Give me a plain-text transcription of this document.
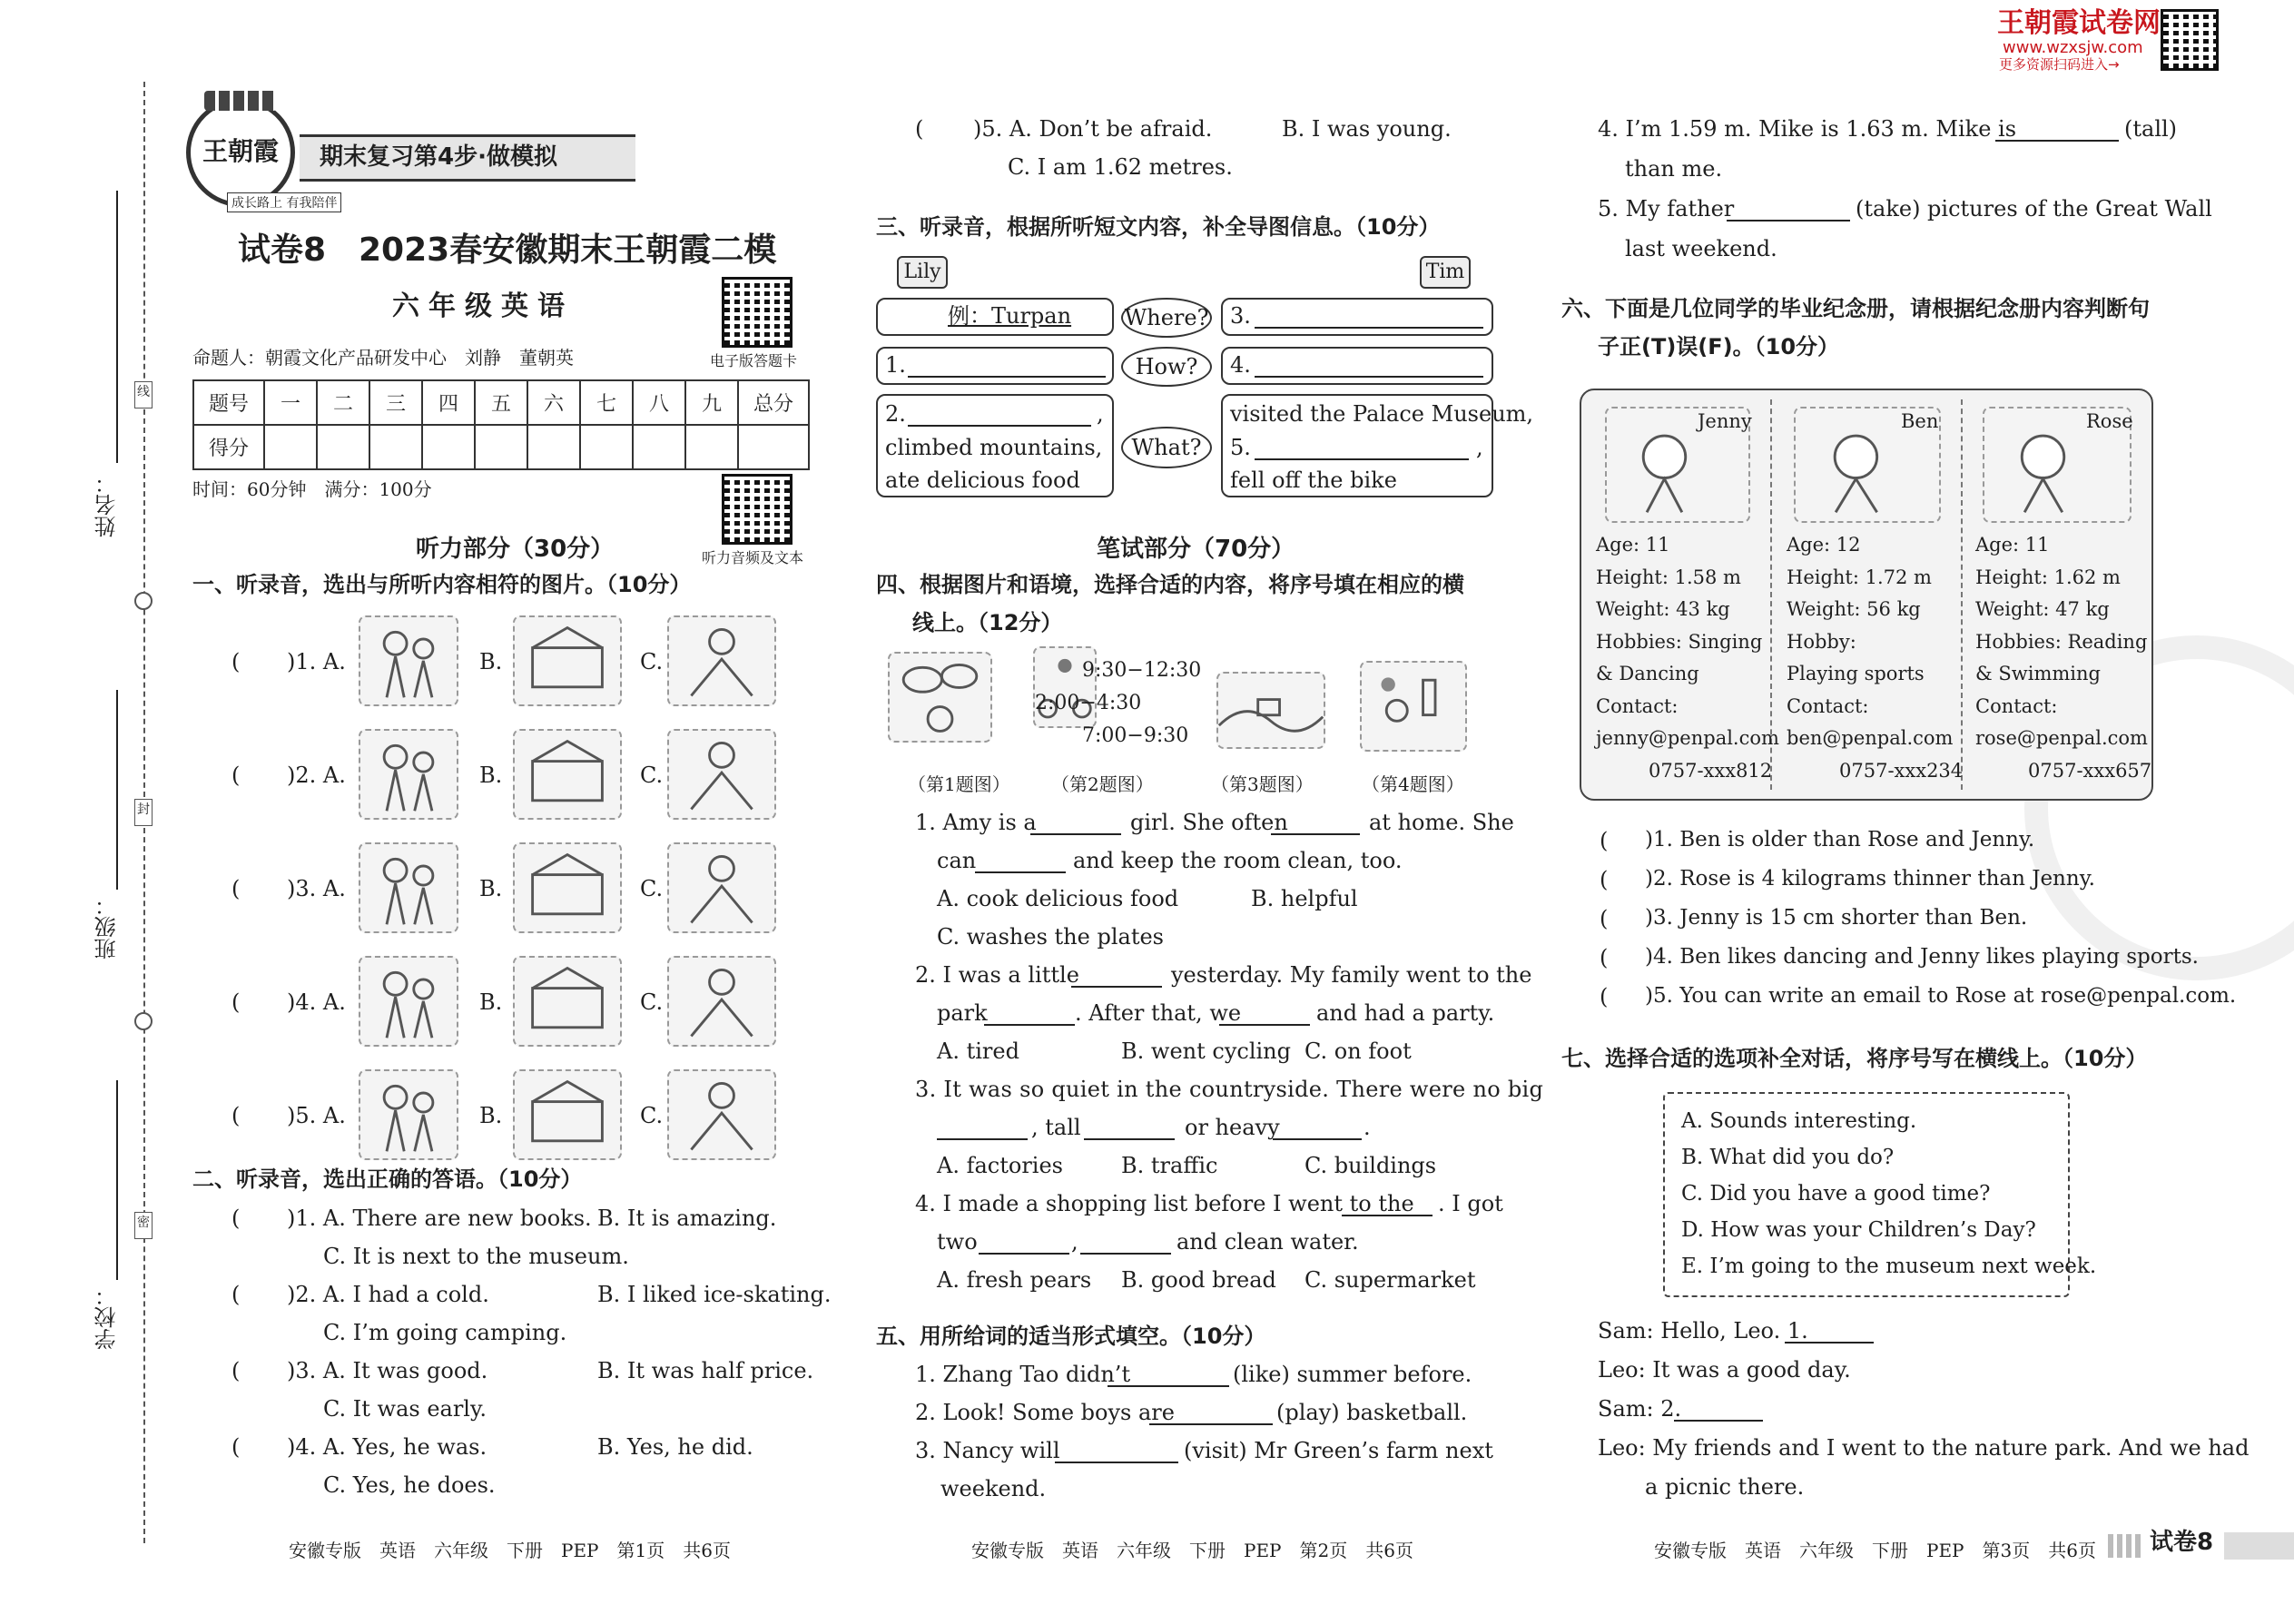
姓名：
班级：
学校：
线
封
密
王朝霞试卷网
www.wzxsjw.com
更多资源扫码进入→
王朝霞
成长路上 有我陪伴
期末复习第4步·做模拟
试卷8 2023春安徽期末王朝霞二模
六年级英语
电子版答题卡
命题人：朝霞文化产品研发中心　刘静　董朝英
题号	一	二	三	四	五	六	七	八	九	总分
得分										
时间：60分钟　满分：100分
听力音频及文本
听力部分（30分）
一、听录音，选出与所听内容相符的图片。（10分）
( )1. A.	B.	C.
( )2. A.	B.	C.
( )3. A.	B.	C.
( )4. A.	B.	C.
( )5. A.	B.	C.
二、听录音，选出正确的答语。（10分）
( )1. A. There are new books. B. It is amazing.
C. It is next to the museum.
( )2. A. I had a cold.	B. I liked ice-skating.
C. I’m going camping.
( )3. A. It was good.	B. It was half price.
C. It was early.
( )4. A. Yes, he was.	B. Yes, he did.
C. Yes, he does.
安徽专版　英语　六年级　下册　PEP　第1页　共6页
( )5. A. Don’t be afraid.	B. I was young.
C. I am 1.62 metres.
三、听录音，根据所听短文内容，补全导图信息。（10分）
Lily	Tim
例：Turpan Where? 3.
1.	How?	4.
2.	,
climbed mountains,
ate delicious food
What?
visited the Palace Museum,
5.	,
fell off the bike
笔试部分（70分）
四、根据图片和语境，选择合适的内容，将序号填在相应的横
线上。（12分）
9:30−12:30
2:00−4:30
7:00−9:30
（第1题图） （第2题图）	（第3题图）	（第4题图）
1. Amy is a	girl. She often	at home. She
can	and keep the room clean, too.
A. cook delicious food	B. helpful
C. washes the plates
2. I was a little	yesterday. My family went to the
park	. After that, we	and had a party.
A. tired	B. went cycling C. on foot
3. It was so quiet in the countryside. There were no big
, tall	or heavy	.
A. factories	B. traffic	C. buildings
4. I made a shopping list before I went to the . I got
two	,	and clean water.
A. fresh pears B. good bread C. supermarket
五、用所给词的适当形式填空。（10分）
1. Zhang Tao didn’t	(like) summer before.
2. Look! Some boys are	(play) basketball.
3. Nancy will	(visit) Mr Green’s farm next
weekend.
安徽专版　英语　六年级　下册　PEP　第2页　共6页
4. I’m 1.59 m. Mike is 1.63 m. Mike is	(tall)
than me.
5. My father	(take) pictures of the Great Wall
last weekend.
六、下面是几位同学的毕业纪念册，请根据纪念册内容判断句
子正(T)误(F)。（10分）
Jenny	Ben	Rose
Age: 11
Height: 1.58 m
Weight: 43 kg
Hobbies: Singing
& Dancing
Contact:
jenny@penpal.com
0757-xxx812
Age: 12
Height: 1.72 m
Weight: 56 kg
Hobby:
Playing sports
Contact:
ben@penpal.com
0757-xxx234
Age: 11
Height: 1.62 m
Weight: 47 kg
Hobbies: Reading
& Swimming
Contact:
rose@penpal.com
0757-xxx657
( )1. Ben is older than Rose and Jenny.
( )2. Rose is 4 kilograms thinner than Jenny.
( )3. Jenny is 15 cm shorter than Ben.
( )4. Ben likes dancing and Jenny likes playing sports.
( )5. You can write an email to Rose at rose@penpal.com.
七、选择合适的选项补全对话，将序号写在横线上。（10分）
A. Sounds interesting.
B. What did you do?
C. Did you have a good time?
D. How was your Children’s Day?
E. I’m going to the museum next week.
Sam: Hello, Leo. 1.
Leo: It was a good day.
Sam: 2.
Leo: My friends and I went to the nature park. And we had
a picnic there.
安徽专版　英语　六年级　下册　PEP　第3页　共6页 试卷8
